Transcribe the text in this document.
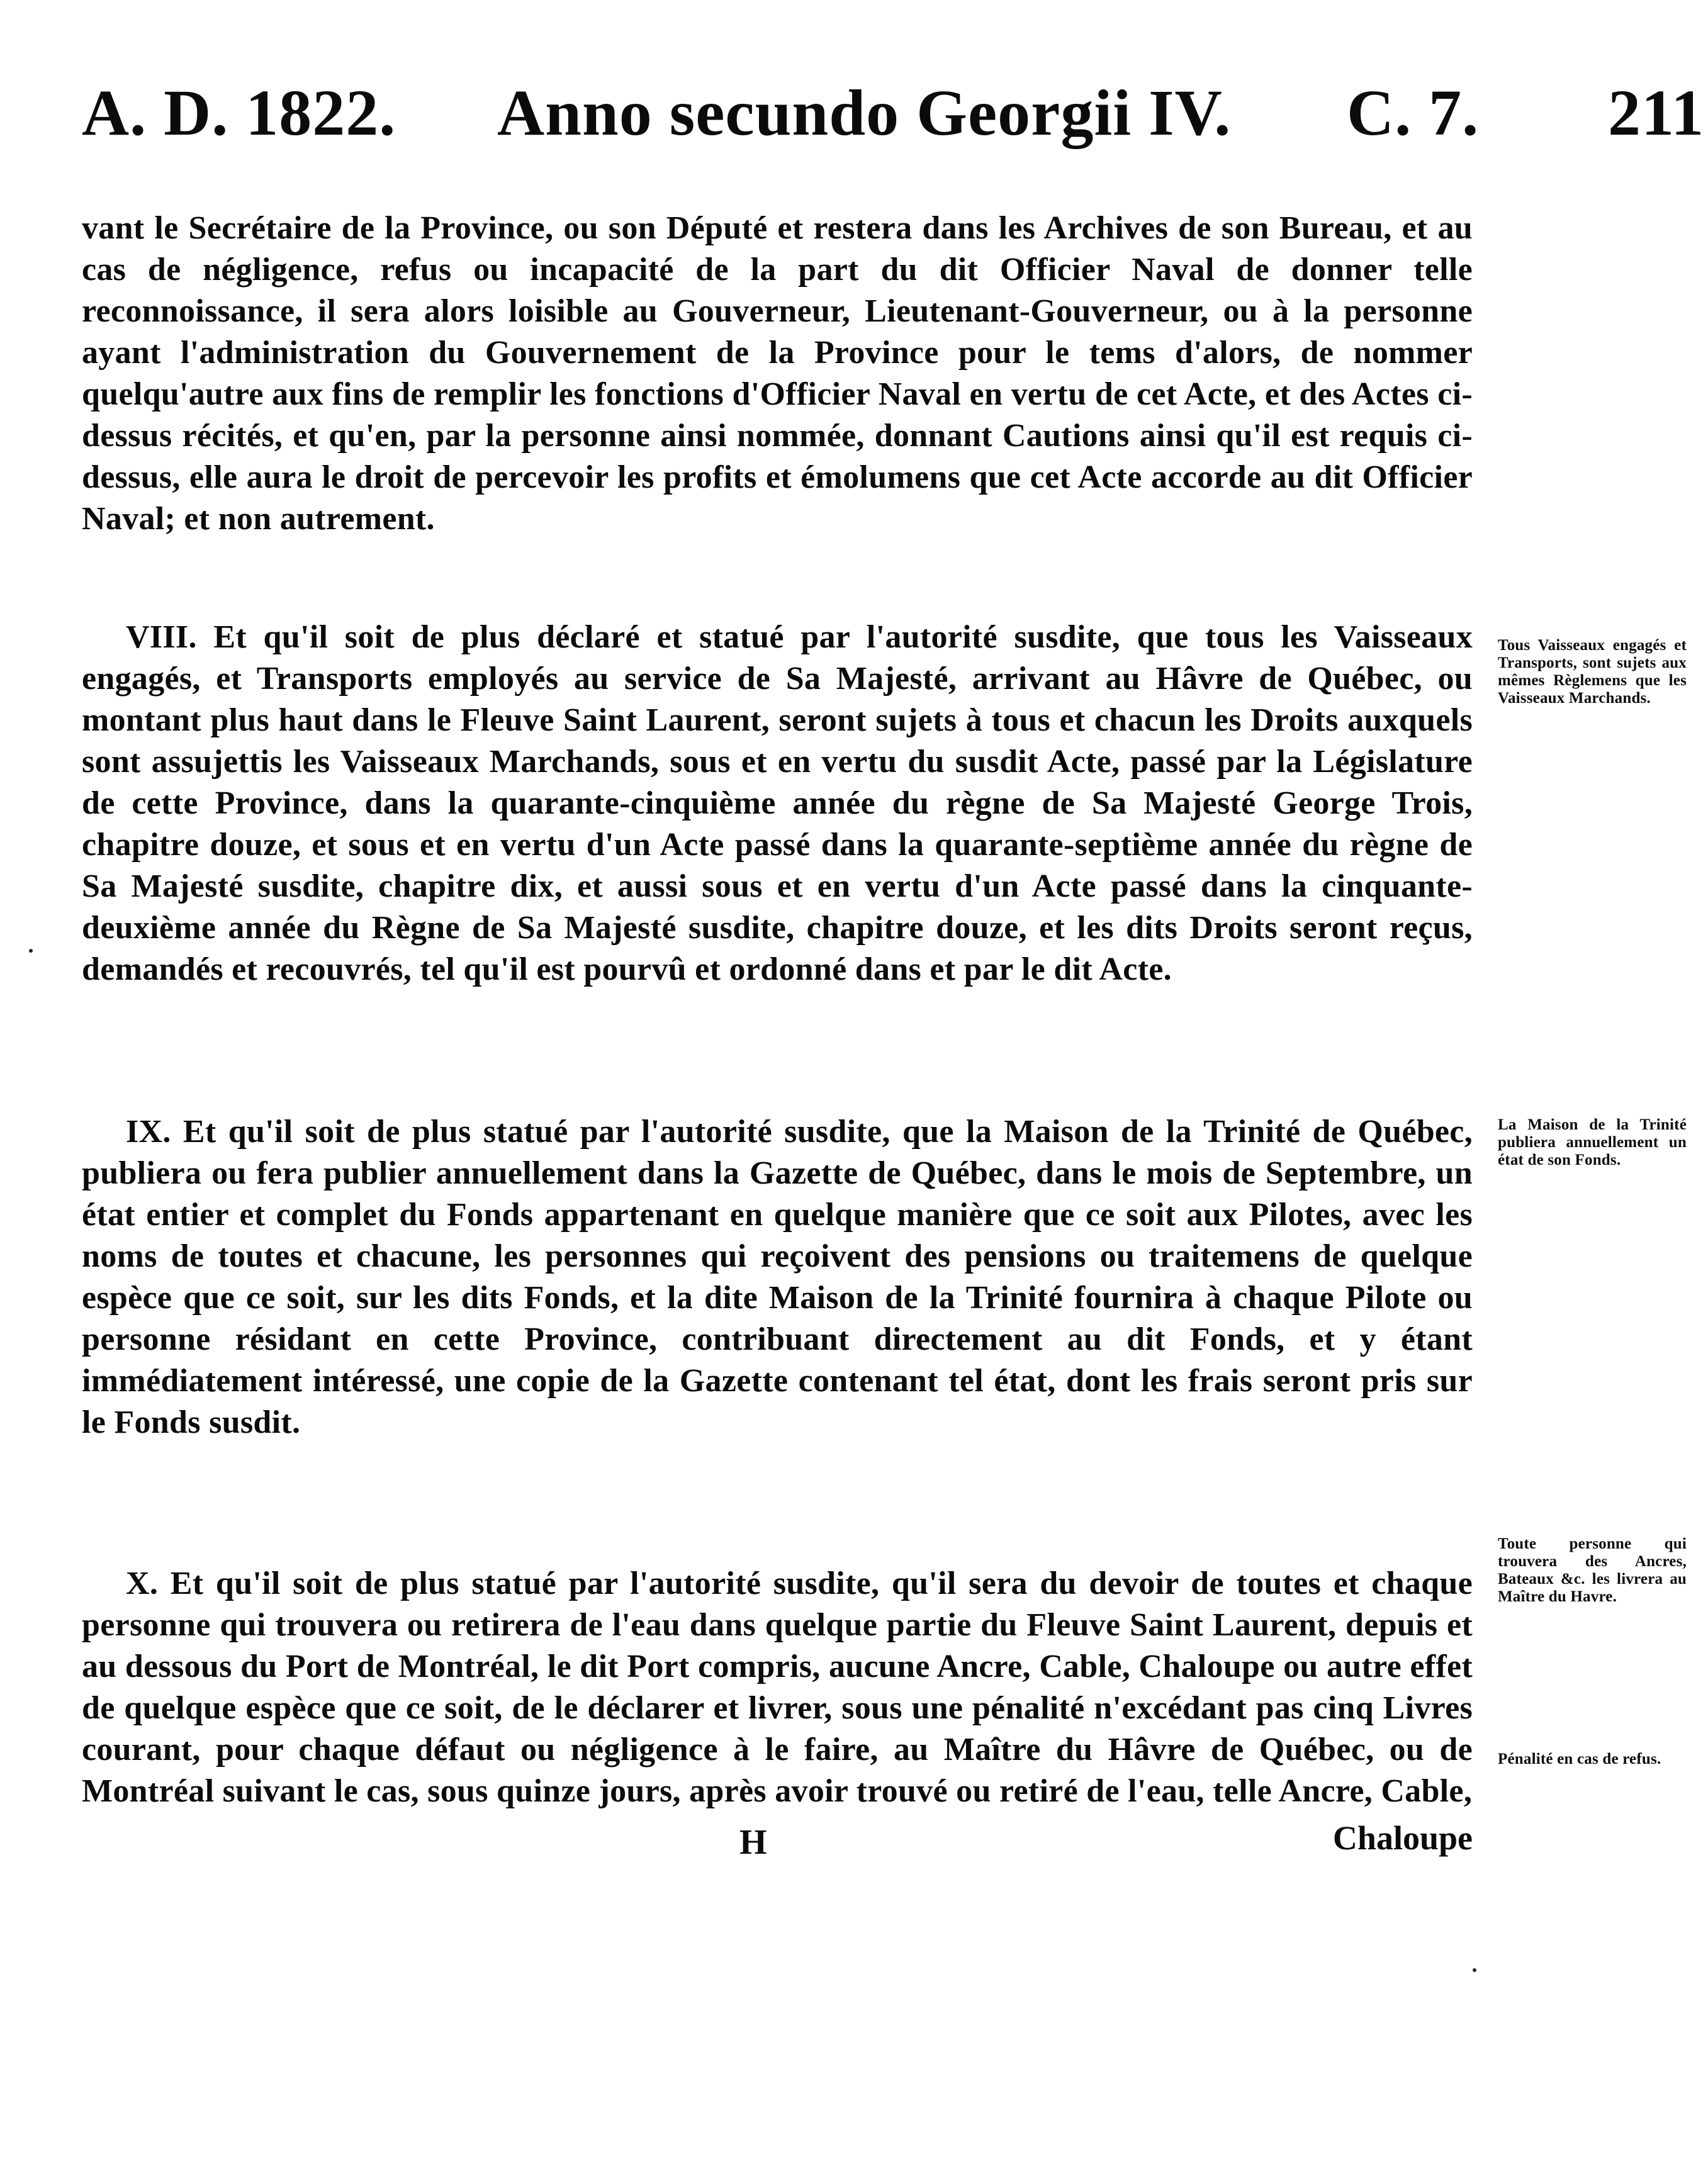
A. D. 1822. Anno secundo Georgii IV. C. 7. 211

vant le Secrétaire de la Province, ou son Député et restera dans les Archives de son Bureau, et au cas de négligence, refus ou incapacité de la part du dit Officier Naval de donner telle reconnoissance, il sera alors loisible au Gouverneur, Lieutenant-Gouverneur, ou à la personne ayant l'administration du Gouvernement de la Province pour le tems d'alors, de nommer quelqu'autre aux fins de remplir les fonctions d'Officier Naval en vertu de cet Acte, et des Actes ci-dessus récités, et qu'en, par la personne ainsi nommée, donnant Cautions ainsi qu'il est requis ci-dessus, elle aura le droit de percevoir les profits et émolumens que cet Acte accorde au dit Officier Naval; et non autrement.

VIII. Et qu'il soit de plus déclaré et statué par l'autorité susdite, que tous les Vaisseaux engagés, et Transports employés au service de Sa Majesté, arrivant au Hâvre de Québec, ou montant plus haut dans le Fleuve Saint Laurent, seront sujets à tous et chacun les Droits auxquels sont assujettis les Vaisseaux Marchands, sous et en vertu du susdit Acte, passé par la Législature de cette Province, dans la quarante-cinquième année du règne de Sa Majesté George Trois, chapitre douze, et sous et en vertu d'un Acte passé dans la quarante-septième année du règne de Sa Majesté susdite, chapitre dix, et aussi sous et en vertu d'un Acte passé dans la cinquante-deuxième année du Règne de Sa Majesté susdite, chapitre douze, et les dits Droits seront reçus, demandés et recouvrés, tel qu'il est pourvû et ordonné dans et par le dit Acte.

IX. Et qu'il soit de plus statué par l'autorité susdite, que la Maison de la Trinité de Québec, publiera ou fera publier annuellement dans la Gazette de Québec, dans le mois de Septembre, un état entier et complet du Fonds appartenant en quelque manière que ce soit aux Pilotes, avec les noms de toutes et chacune, les personnes qui reçoivent des pensions ou traitemens de quelque espèce que ce soit, sur les dits Fonds, et la dite Maison de la Trinité fournira à chaque Pilote ou personne résidant en cette Province, contribuant directement au dit Fonds, et y étant immédiatement intéressé, une copie de la Gazette contenant tel état, dont les frais seront pris sur le Fonds susdit.

X. Et qu'il soit de plus statué par l'autorité susdite, qu'il sera du devoir de toutes et chaque personne qui trouvera ou retirera de l'eau dans quelque partie du Fleuve Saint Laurent, depuis et au dessous du Port de Montréal, le dit Port compris, aucune Ancre, Cable, Chaloupe ou autre effet de quelque espèce que ce soit, de le déclarer et livrer, sous une pénalité n'excédant pas cinq Livres courant, pour chaque défaut ou négligence à le faire, au Maître du Hâvre de Québec, ou de Montréal suivant le cas, sous quinze jours, après avoir trouvé ou retiré de l'eau, telle Ancre, Cable,

H	Chaloupe
Tous Vaisseaux engagés et Transports, sont sujets aux mêmes Règlemens que les Vaisseaux Marchands.
La Maison de la Trinité publiera annuellement un état de son Fonds.
Toute personne qui trouvera des Ancres, Bateaux &c. les livrera au Maître du Havre.
Pénalité en cas de refus.
